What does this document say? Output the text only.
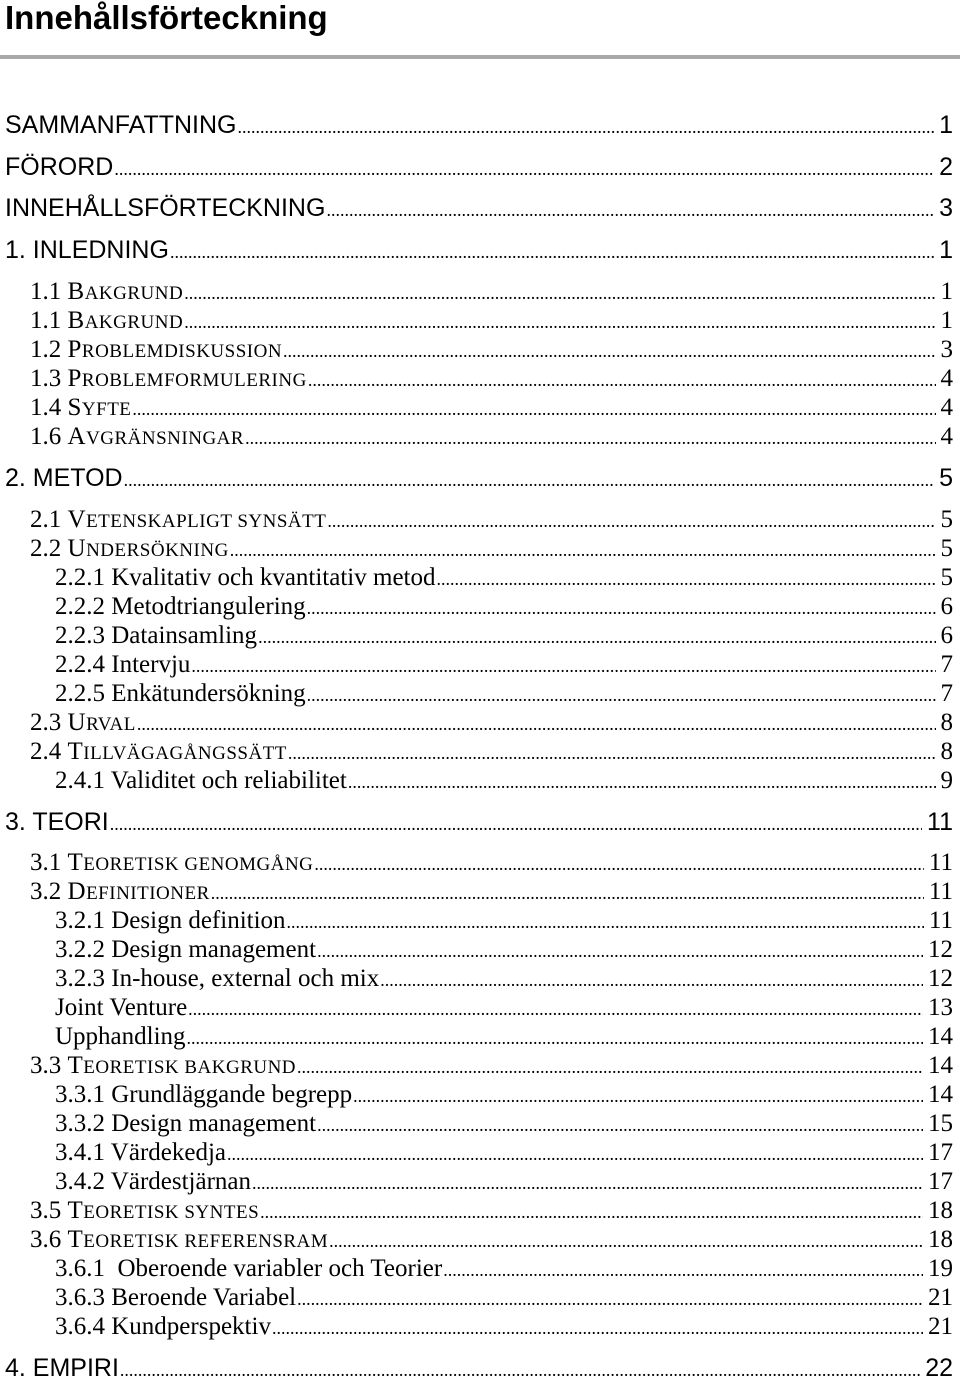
Innehållsförteckning
SAMMANFATTNING .....	1
FÖRORD .....	2
INNEHÅLLSFÖRTECKNING .....	3
1. INLEDNING .....	1
1.1 BAKGRUND .....	1
1.1 BAKGRUND .....	1
1.2 PROBLEMDISKUSSION .....	3
1.3 PROBLEMFORMULERING .....	4
1.4 SYFTE .....	4
1.6 AVGRÄNSNINGAR .....	4
2. METOD .....	5
2.1 VETENSKAPLIGT SYNSÄTT .....	5
2.2 UNDERSÖKNING .....	5
2.2.1 Kvalitativ och kvantitativ metod .....	5
2.2.2 Metodtriangulering .....	6
2.2.3 Datainsamling .....	6
2.2.4 Intervju .....	7
2.2.5 Enkätundersökning .....	7
2.3 URVAL .....	8
2.4 TILLVÄGAGÅNGSSÄTT .....	8
2.4.1 Validitet och reliabilitet .....	9
3. TEORI .....	11
3.1 TEORETISK GENOMGÅNG .....	11
3.2 DEFINITIONER .....	11
3.2.1 Design definition .....	11
3.2.2 Design management .....	12
3.2.3 In-house, external och mix .....	12
Joint Venture .....	13
Upphandling .....	14
3.3 TEORETISK BAKGRUND .....	14
3.3.1 Grundläggande begrepp .....	14
3.3.2 Design management .....	15
3.4.1 Värdekedja .....	17
3.4.2 Värdestjärnan .....	17
3.5 TEORETISK SYNTES .....	18
3.6 TEORETISK REFERENSRAM .....	18
3.6.1  Oberoende variabler och Teorier .....	19
3.6.3 Beroende Variabel .....	21
3.6.4 Kundperspektiv .....	21
4. EMPIRI .....	22
